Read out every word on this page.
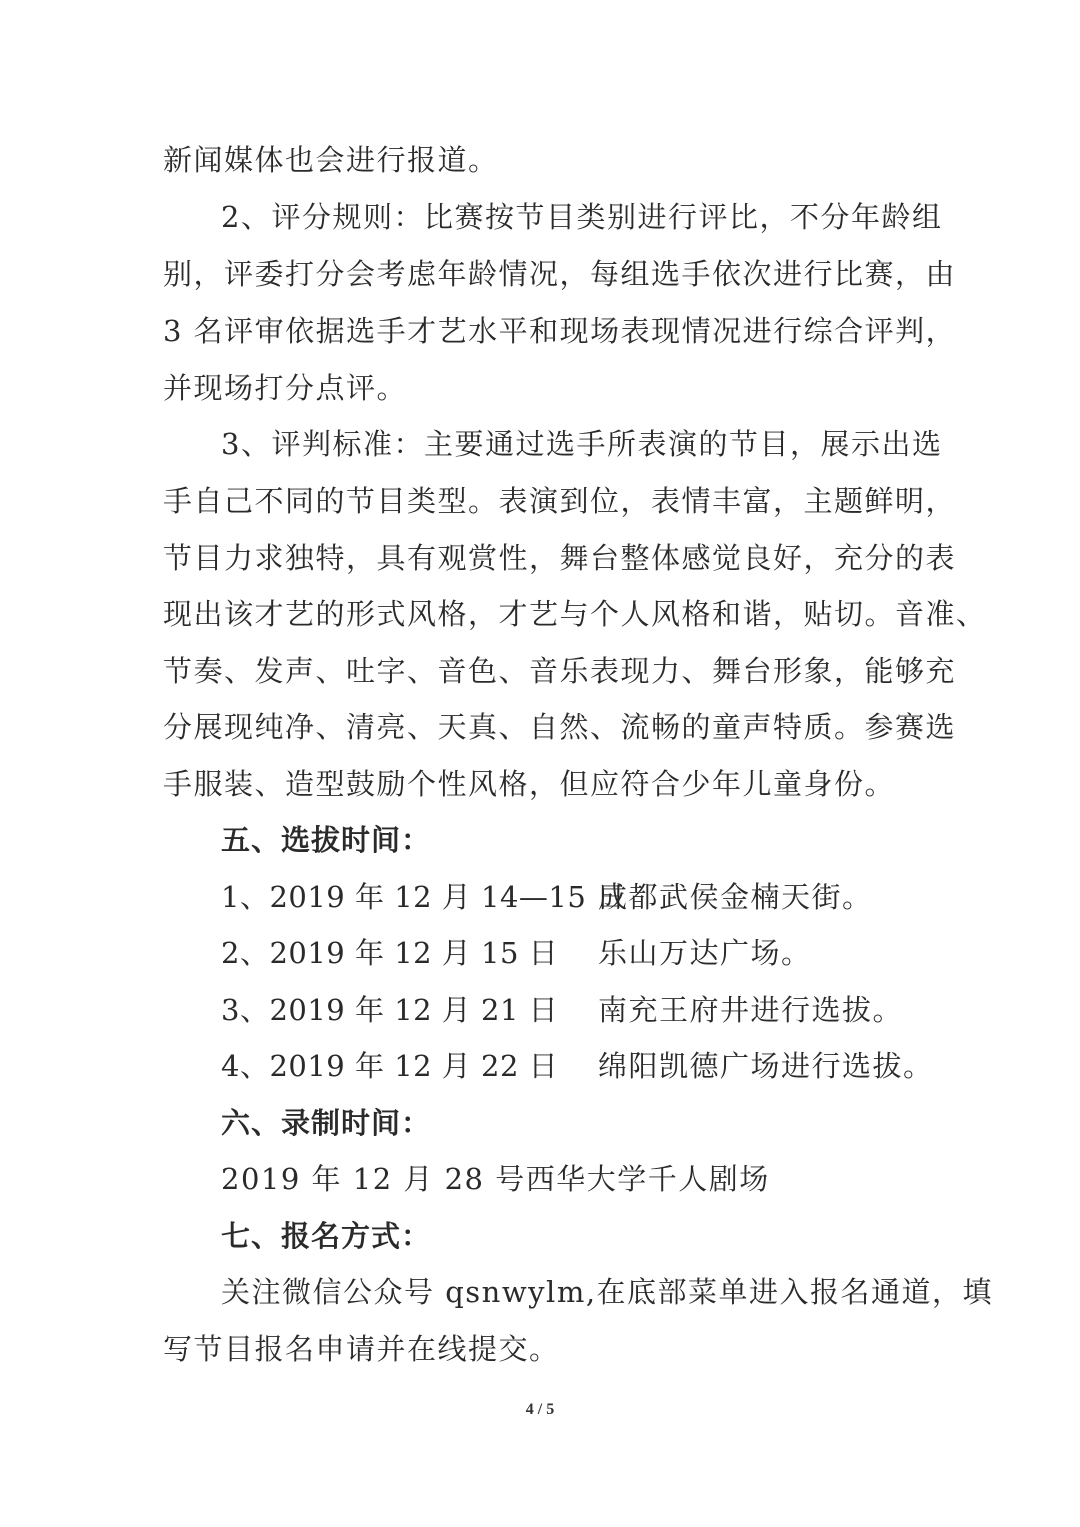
新闻媒体也会进行报道。
2、评分规则：比赛按节目类别进行评比，不分年龄组
别，评委打分会考虑年龄情况，每组选手依次进行比赛，由
3 名评审依据选手才艺水平和现场表现情况进行综合评判，
并现场打分点评。
3、评判标准：主要通过选手所表演的节目，展示出选
手自己不同的节目类型。表演到位，表情丰富，主题鲜明，
节目力求独特，具有观赏性，舞台整体感觉良好，充分的表
现出该才艺的形式风格，才艺与个人风格和谐，贴切。音准、
节奏、发声、吐字、音色、音乐表现力、舞台形象，能够充
分展现纯净、清亮、天真、自然、流畅的童声特质。参赛选
手服装、造型鼓励个性风格，但应符合少年儿童身份。
五、选拔时间：
1、2019 年 12 月 14—15 日
成都武侯金楠天街。
2、2019 年 12 月 15 日 乐山万达广场。
3、2019 年 12 月 21 日 南充王府井进行选拔。
4、2019 年 12 月 22 日 绵阳凯德广场进行选拔。
六、录制时间：
2019 年 12 月 28 号西华大学千人剧场
七、报名方式：
关注微信公众号 qsnwylm,在底部菜单进入报名通道，填
写节目报名申请并在线提交。
4 / 5
